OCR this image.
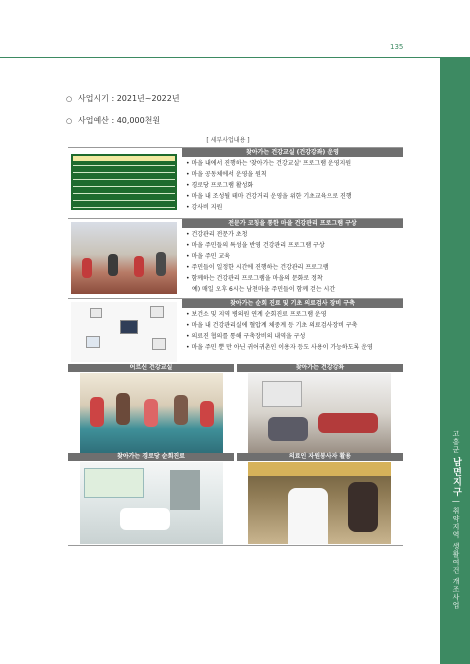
135
고흥군 남면지구 | 취약지역 생활여건 개조사업
○ 사업시기 : 2021년~2022년
○ 사업예산 : 40,000천원
[ 세부사업내용 ]
찾아가는 건강교실 (건강강좌) 운영
• 마을 내에서 진행하는 '찾아가는 건강교실' 프로그램 운영지원
• 마을 공동체에서 운영을 원칙
• 경로당 프로그램 활성화
• 마을 내 조성될 테마 건강거리 운영을 위한 기초교육으로 진행
• 강사비 지원
전문가 코칭을 통한 마을 건강관리 프로그램 구상
• 건강관리 전문가 초청
• 마을 주민들의 특성을 반영 건강관리 프로그램 구상
• 마을 주민 교육
• 주민들이 일정한 시간에 진행하는 건강관리 프로그램
• 함께하는 건강관리 프로그램을 마을의 문화로 정착
예) 매일 오후 6시는 남천마을 주민들이 함께 걷는 시간
찾아가는 순회 진료 및 기초 의료검사 장비 구축
• 보건소 및 지역 병의원 연계 순회진료 프로그램 운영
• 마을 내 건강관리실에 혈압계 체중계 등 기초 의료검사장비 구축
• 의료진 협의를 통해 구축장비의 내역을 구성
• 마을 주민 뿐 만 아닌 귀어귀촌인 이용자 등도 사용이 가능하도록 운영
어르신 건강교실	찾아가는 건강강좌
찾아가는 경로당 순회진료	의료인 자원봉사자 활용
